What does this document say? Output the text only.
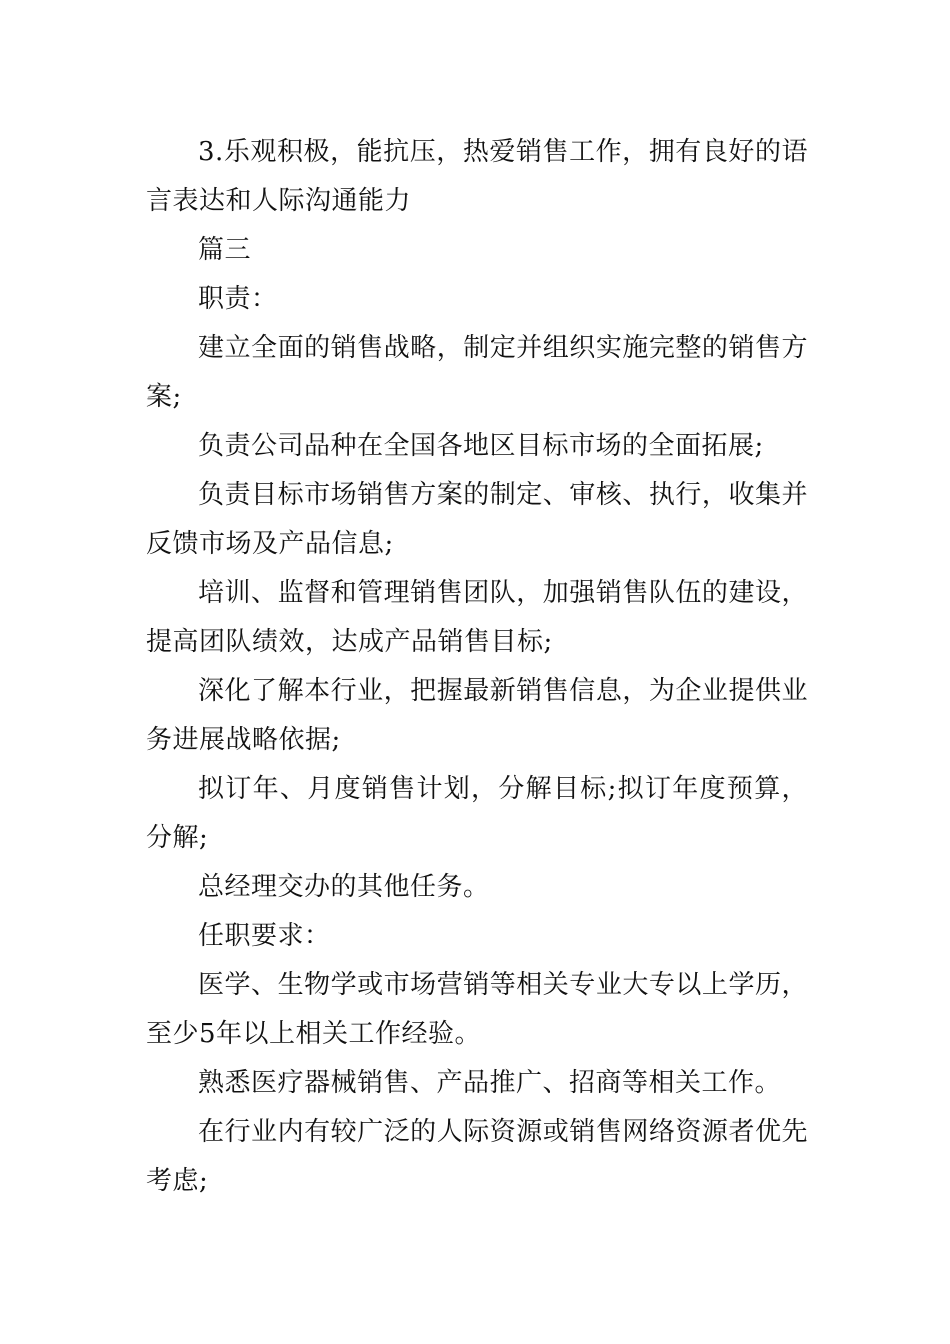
3.乐观积极，能抗压，热爱销售工作，拥有良好的语言表达和人际沟通能力

篇三

职责：

建立全面的销售战略，制定并组织实施完整的销售方案;

负责公司品种在全国各地区目标市场的全面拓展;

负责目标市场销售方案的制定、审核、执行，收集并反馈市场及产品信息;

培训、监督和管理销售团队，加强销售队伍的建设，提高团队绩效，达成产品销售目标;

深化了解本行业，把握最新销售信息，为企业提供业务进展战略依据;

拟订年、月度销售计划，分解目标;拟订年度预算，分解;

总经理交办的其他任务。

任职要求：

医学、生物学或市场营销等相关专业大专以上学历，至少5年以上相关工作经验。

熟悉医疗器械销售、产品推广、招商等相关工作。

在行业内有较广泛的人际资源或销售网络资源者优先考虑;
